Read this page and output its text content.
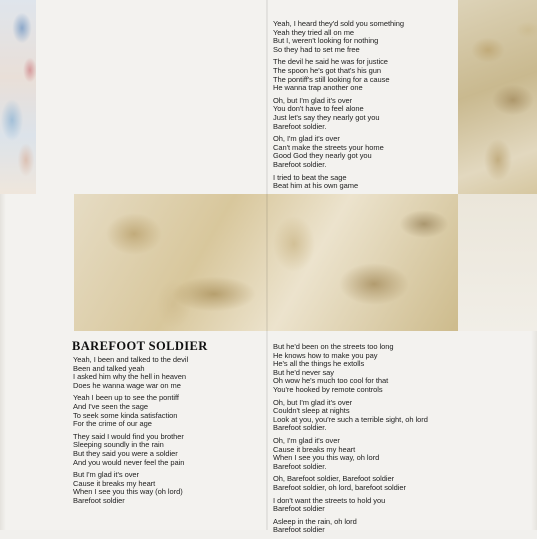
Yeah, I heard they'd sold you something

Yeah they tried all on me

But I, weren't looking for nothing

So they had to set me free

The devil he said he was for justice

The spoon he's got that's his gun

The pontiff's still looking for a cause

He wanna trap another one

Oh, but I'm glad it's over

You don't have to feel alone

Just let's say they nearly got you

Barefoot soldier.

Oh, I'm glad it's over

Can't make the streets your home

Good God they nearly got you

Barefoot soldier.

I tried to beat the sage

Beat him at his own game

BAREFOOT SOLDIER

Yeah, I been and talked to the devil

Been and talked yeah

I asked him why the hell in heaven

Does he wanna wage war on me

Yeah I been up to see the pontiff

And I've seen the sage

To seek some kinda satisfaction

For the crime of our age

They said I would find you brother

Sleeping soundly in the rain

But they said you were a soldier

And you would never feel the pain

But I'm glad it's over

Cause it breaks my heart

When I see you this way (oh lord)

Barefoot soldier

But he'd been on the streets too long

He knows how to make you pay

He's all the things he extolls

But he'd never say

Oh wow he's much too cool for that

You're hooked by remote controls

Oh, but I'm glad it's over

Couldn't sleep at nights

Look at you, you're such a terrible sight, oh lord

Barefoot soldier.

Oh, I'm glad it's over

Cause it breaks my heart

When I see you this way, oh lord

Barefoot soldier.

Oh, Barefoot soldier, Barefoot soldier

Barefoot soldier, oh lord, barefoot soldier

I don't want the streets to hold you

Barefoot soldier

Asleep in the rain, oh lord

Barefoot soldier
